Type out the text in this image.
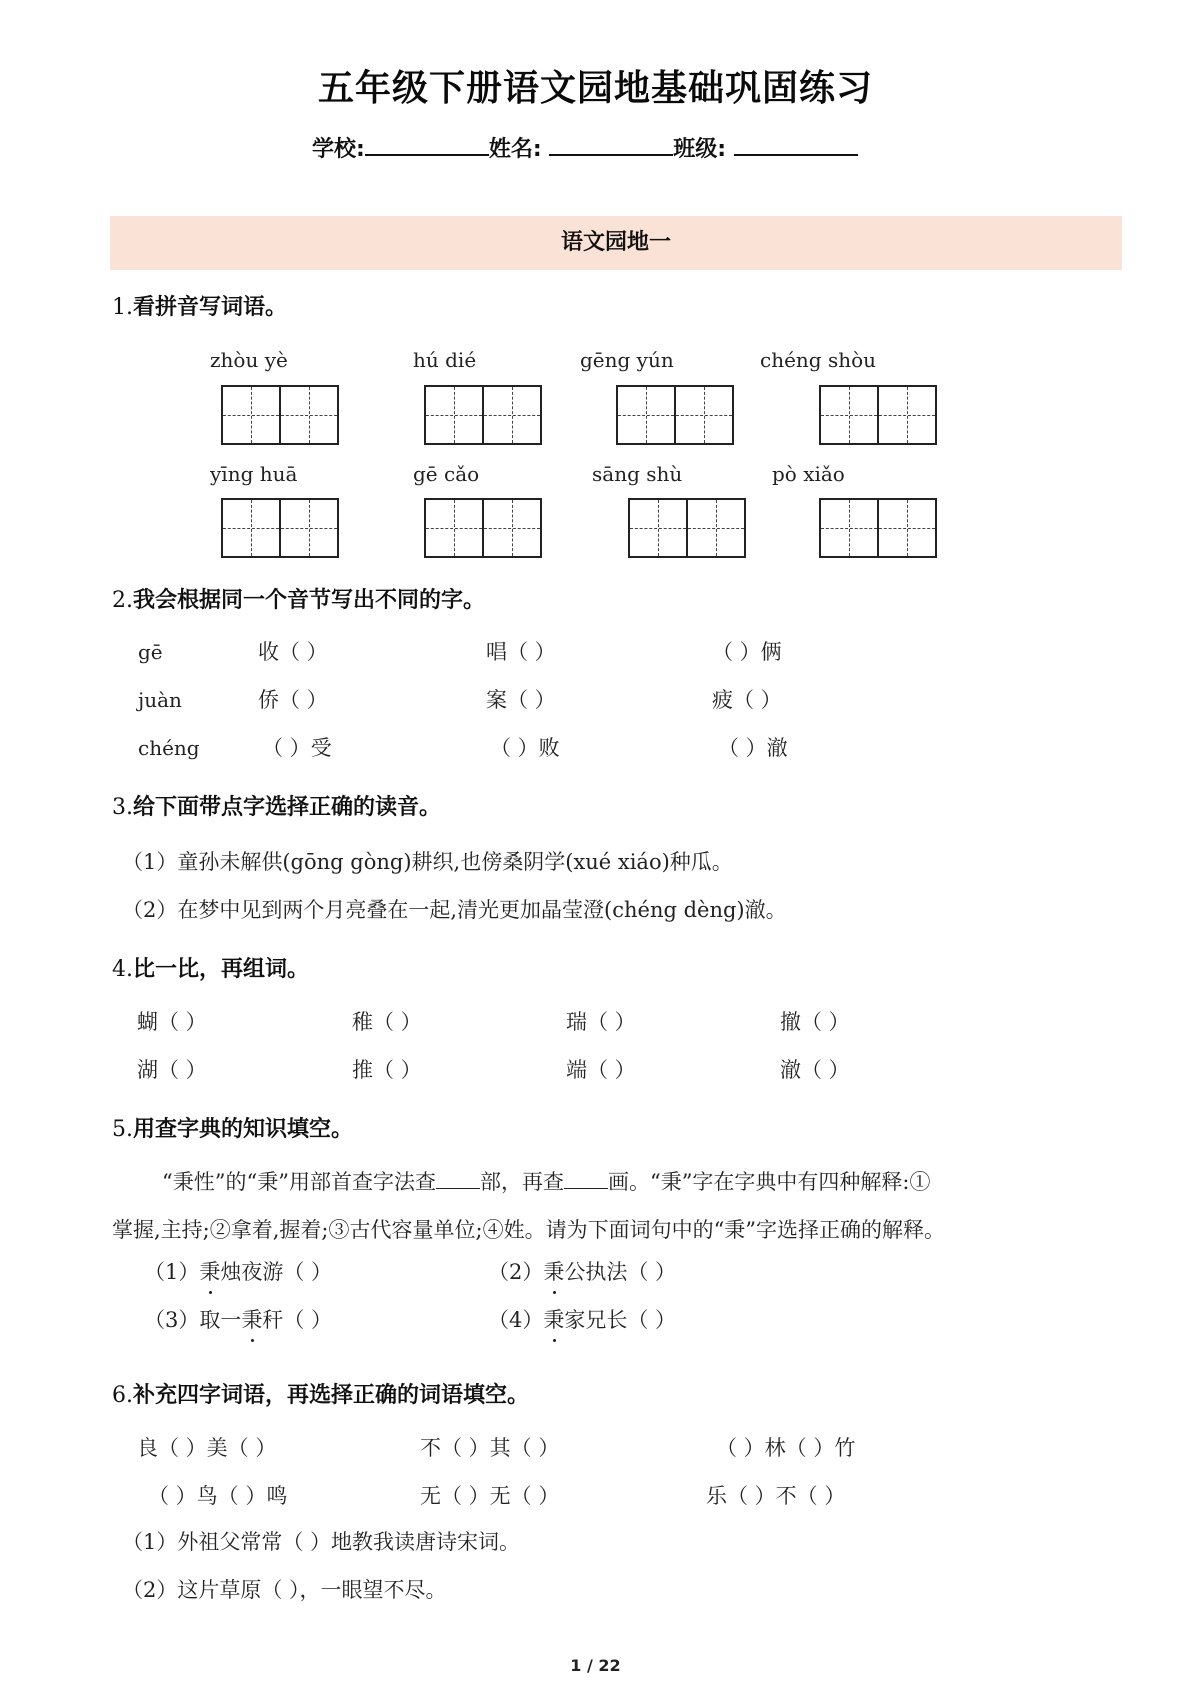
五年级下册语文园地基础巩固练习
学校:	姓名:	班级:
语文园地一
1.看拼音写词语。
zhòu yè	hú dié	gēng yún	chéng shòu
yīng huā	gē cǎo	sāng shù	pò xiǎo
2.我会根据同一个音节写出不同的字。
gē	收（ ）	唱（ ）	（ ）俩
juàn	侨（ ）	案（ ）	疲（ ）
chéng	（ ）受	（ ）败	（ ）澈
3.给下面带点字选择正确的读音。
（1）童孙未解供(gōng gòng)耕织,也傍桑阴学(xué xiáo)种瓜。
（2）在梦中见到两个月亮叠在一起,清光更加晶莹澄(chéng dèng)澈。
4.比一比，再组词。
蝴（ ）	稚（ ）	瑞（ ）	撤（ ）
湖（ ）	推（ ）	端（ ）	澈（ ）
5.用查字典的知识填空。
“秉性”的“秉”用部首查字法查 部，再查 画。“秉”字在字典中有四种解释:①
掌握,主持;②拿着,握着;③古代容量单位;④姓。请为下面词句中的“秉”字选择正确的解释。
（1）秉烛夜游（ ）	（2）秉公执法（ ）
（3）取一秉秆（ ）	（4）秉家兄长（ ）
6.补充四字词语，再选择正确的词语填空。
良（ ）美（ ）	不（ ）其（ ）	（ ）林（ ）竹
（ ）鸟（ ）鸣	无（ ）无（ ）	乐（ ）不（ ）
（1）外祖父常常（ ）地教我读唐诗宋词。
（2）这片草原（ ），一眼望不尽。
1 / 22
